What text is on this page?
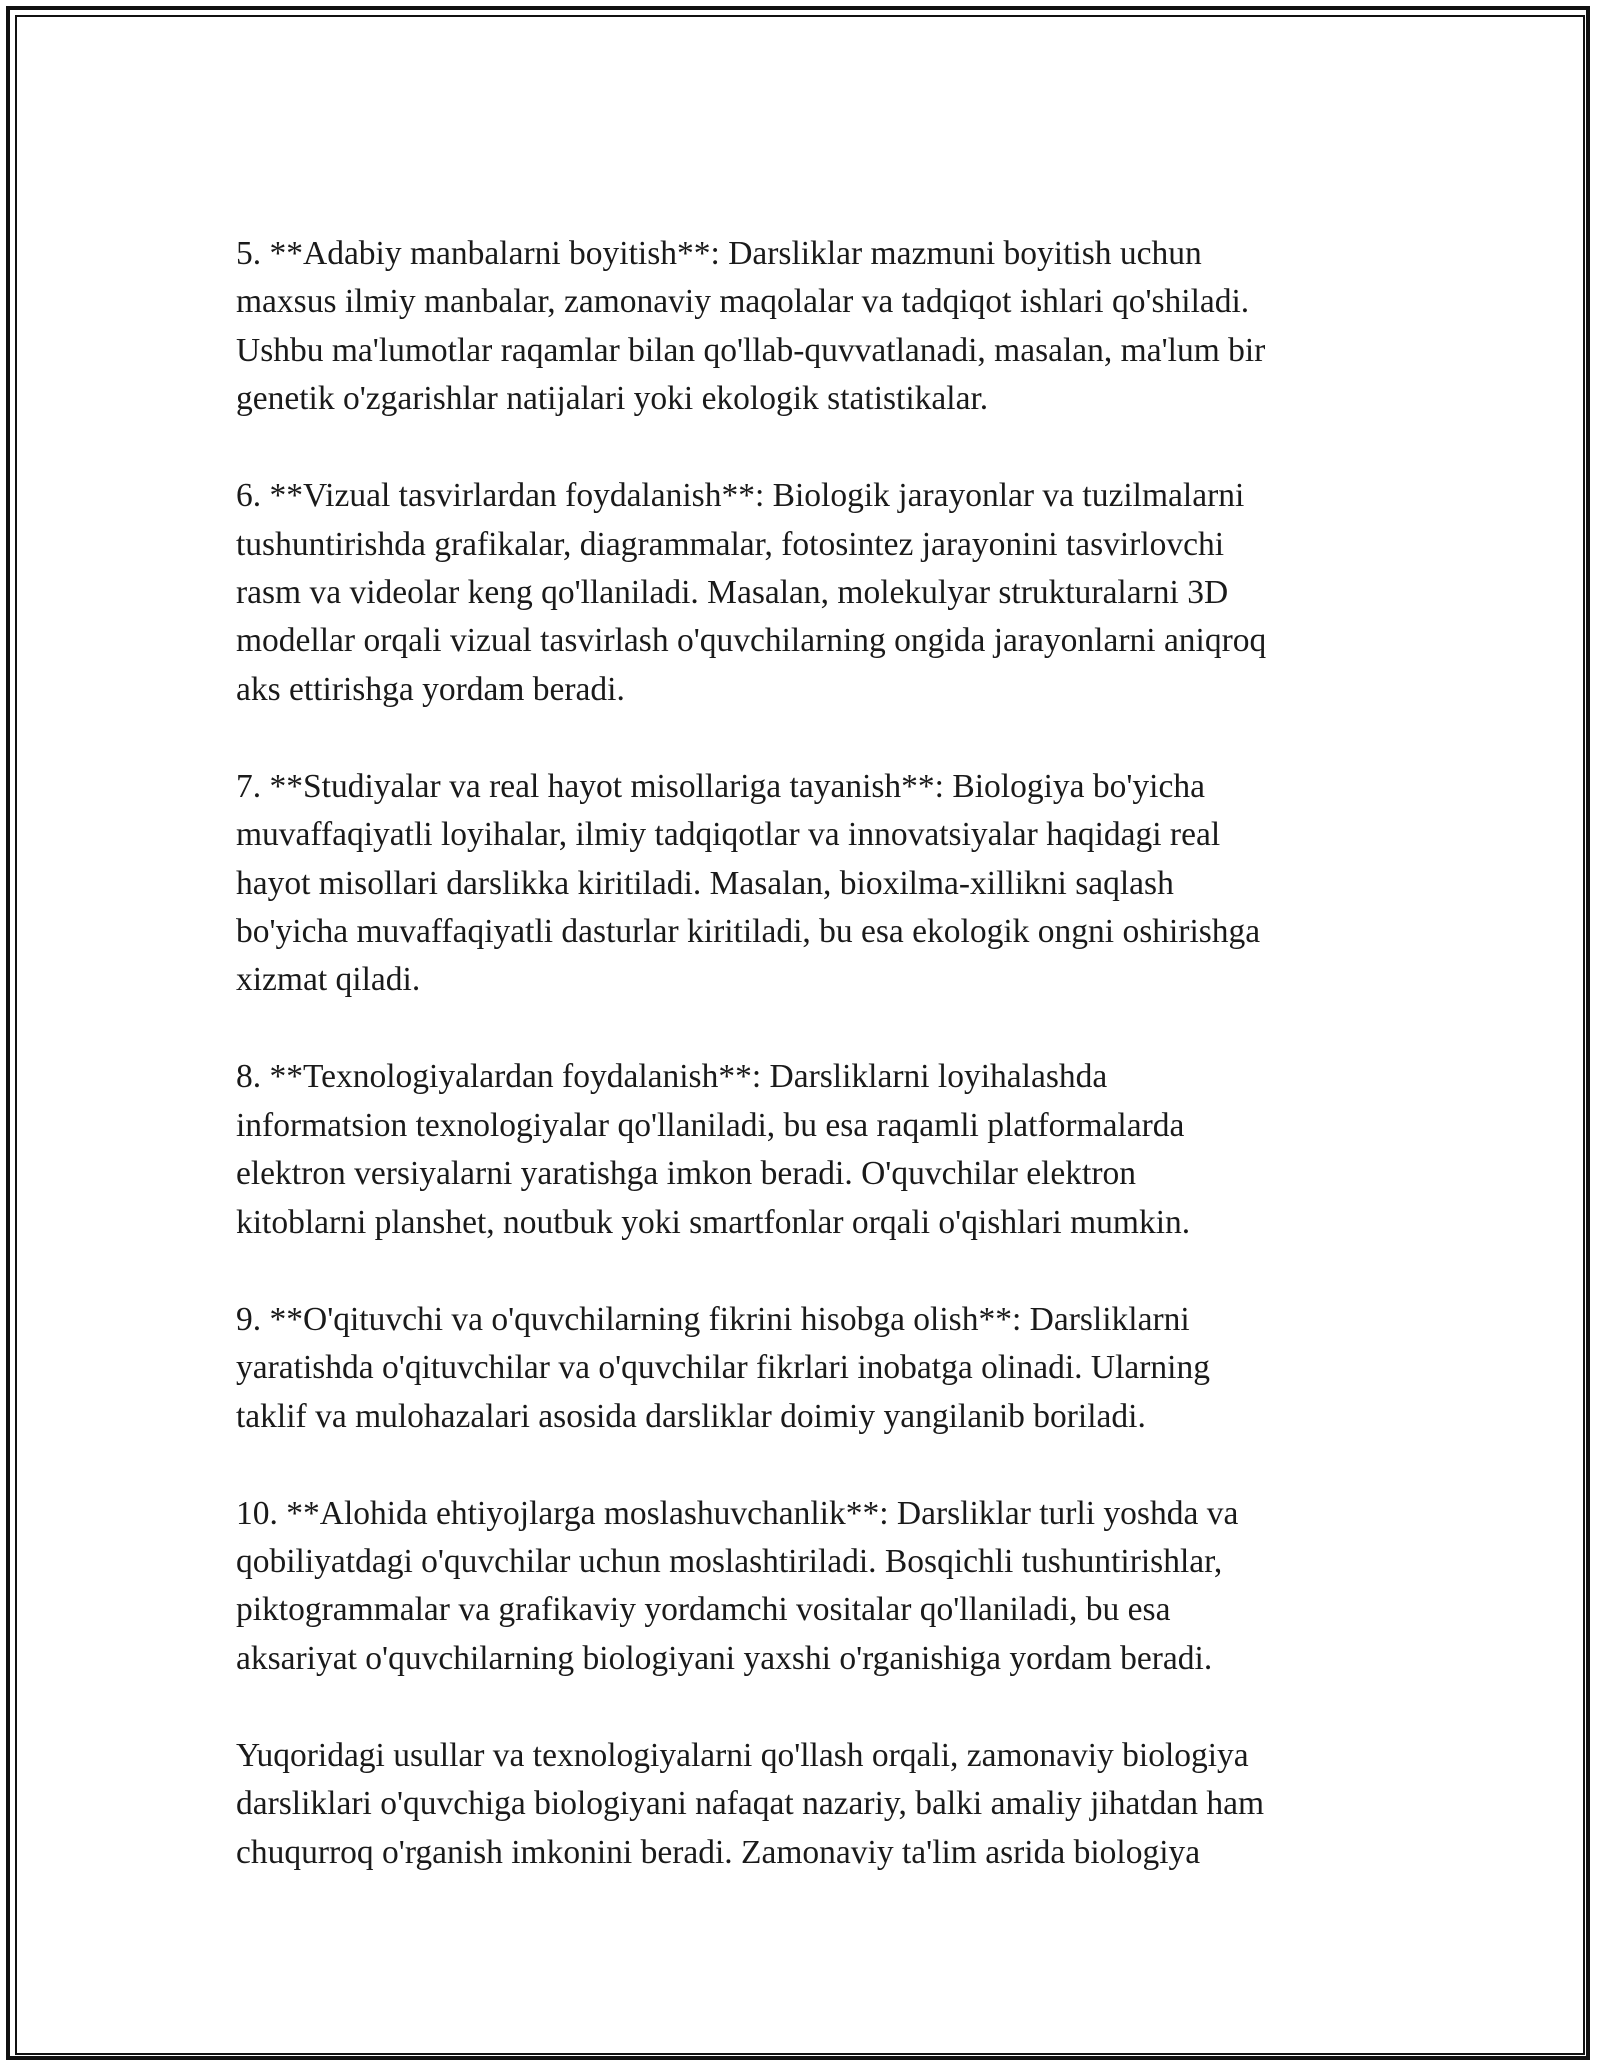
5. **Adabiy manbalarni boyitish**: Darsliklar mazmuni boyitish uchun
maxsus ilmiy manbalar, zamonaviy maqolalar va tadqiqot ishlari qo'shiladi.
Ushbu ma'lumotlar raqamlar bilan qo'llab-quvvatlanadi, masalan, ma'lum bir
genetik o'zgarishlar natijalari yoki ekologik statistikalar.

6. **Vizual tasvirlardan foydalanish**: Biologik jarayonlar va tuzilmalarni
tushuntirishda grafikalar, diagrammalar, fotosintez jarayonini tasvirlovchi
rasm va videolar keng qo'llaniladi. Masalan, molekulyar strukturalarni 3D
modellar orqali vizual tasvirlash o'quvchilarning ongida jarayonlarni aniqroq
aks ettirishga yordam beradi.

7. **Studiyalar va real hayot misollariga tayanish**: Biologiya bo'yicha
muvaffaqiyatli loyihalar, ilmiy tadqiqotlar va innovatsiyalar haqidagi real
hayot misollari darslikka kiritiladi. Masalan, bioxilma-xillikni saqlash
bo'yicha muvaffaqiyatli dasturlar kiritiladi, bu esa ekologik ongni oshirishga
xizmat qiladi.

8. **Texnologiyalardan foydalanish**: Darsliklarni loyihalashda
informatsion texnologiyalar qo'llaniladi, bu esa raqamli platformalarda
elektron versiyalarni yaratishga imkon beradi. O'quvchilar elektron
kitoblarni planshet, noutbuk yoki smartfonlar orqali o'qishlari mumkin.

9. **O'qituvchi va o'quvchilarning fikrini hisobga olish**: Darsliklarni
yaratishda o'qituvchilar va o'quvchilar fikrlari inobatga olinadi. Ularning
taklif va mulohazalari asosida darsliklar doimiy yangilanib boriladi.

10. **Alohida ehtiyojlarga moslashuvchanlik**: Darsliklar turli yoshda va
qobiliyatdagi o'quvchilar uchun moslashtiriladi. Bosqichli tushuntirishlar,
piktogrammalar va grafikaviy yordamchi vositalar qo'llaniladi, bu esa
aksariyat o'quvchilarning biologiyani yaxshi o'rganishiga yordam beradi.

Yuqoridagi usullar va texnologiyalarni qo'llash orqali, zamonaviy biologiya
darsliklari o'quvchiga biologiyani nafaqat nazariy, balki amaliy jihatdan ham
chuqurroq o'rganish imkonini beradi. Zamonaviy ta'lim asrida biologiya
